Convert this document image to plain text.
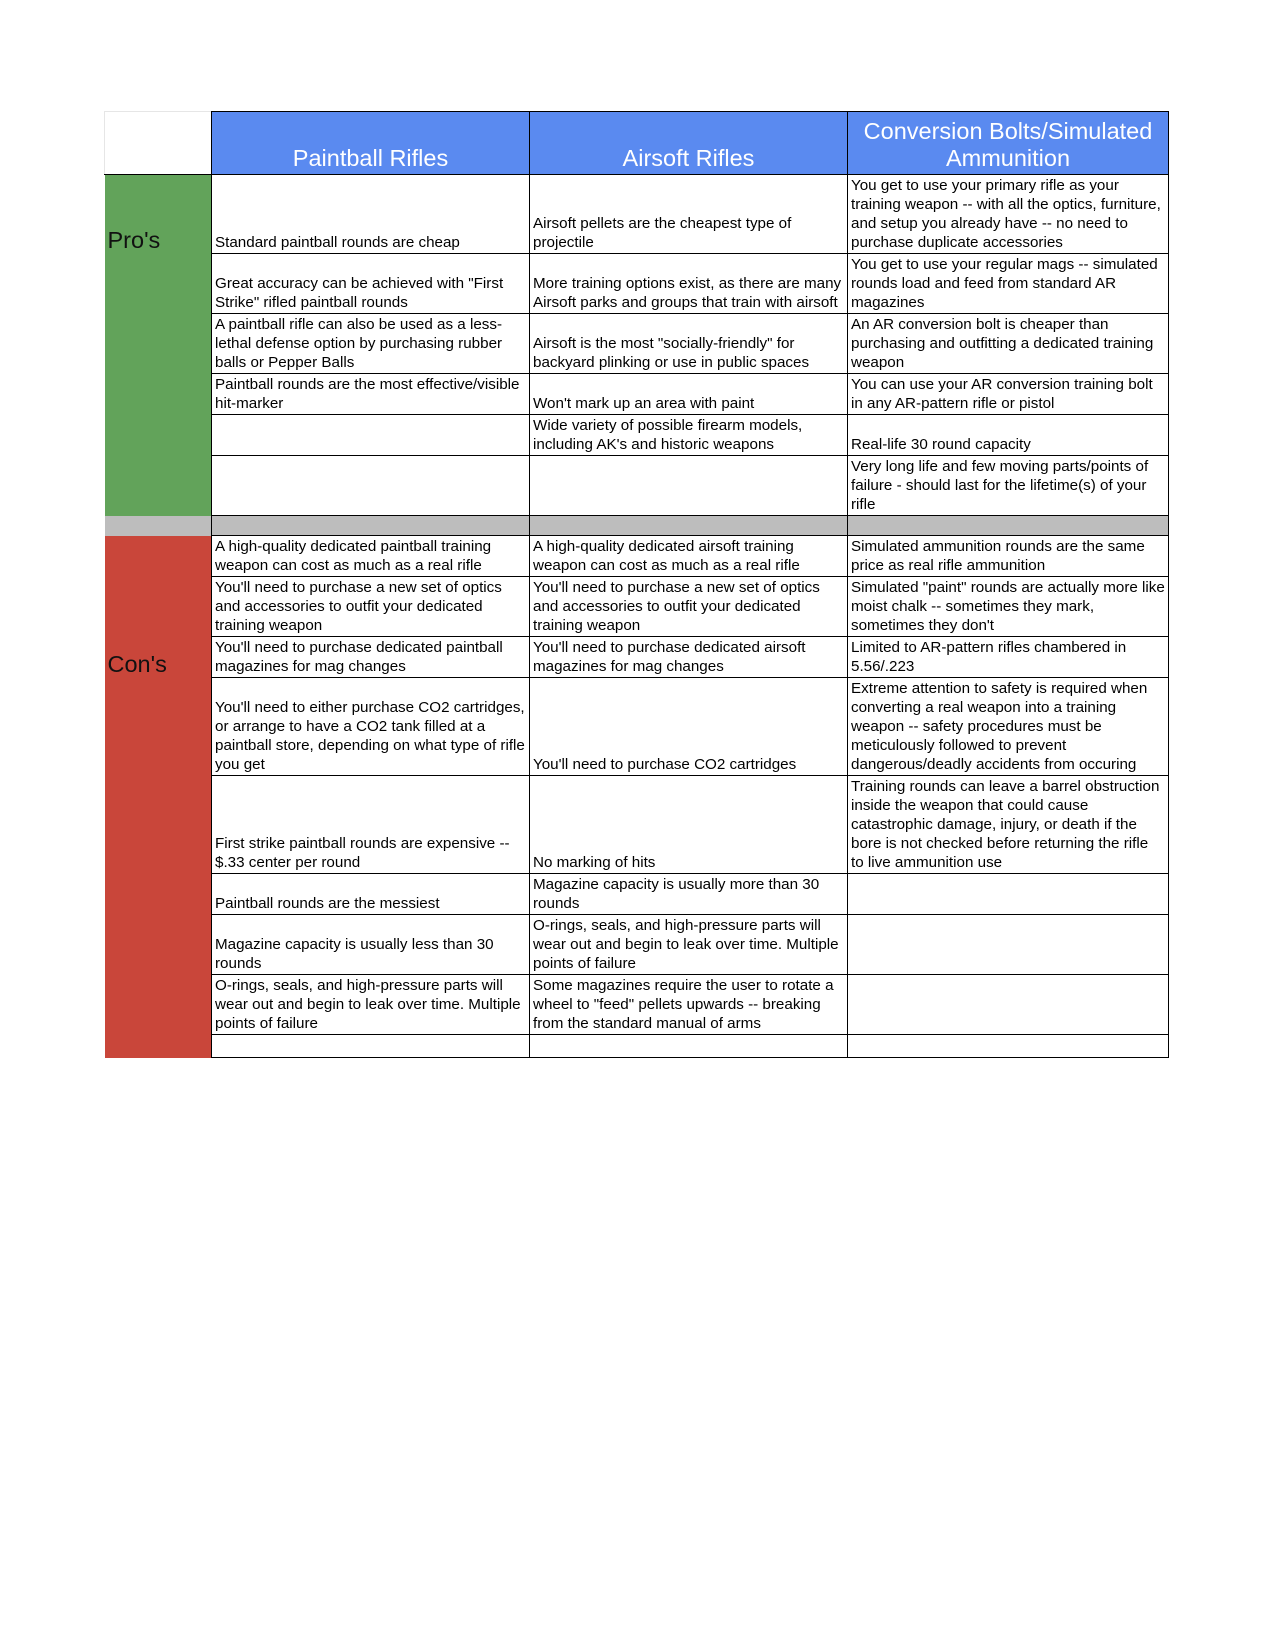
	Paintball Rifles	Airsoft Rifles	Conversion Bolts/Simulated Ammunition
Pro's	Standard paintball rounds are cheap	Airsoft pellets are the cheapest type of projectile	You get to use your primary rifle as your training weapon -- with all the optics, furniture, and setup you already have -- no need to purchase duplicate accessories
	Great accuracy can be achieved with "First Strike" rifled paintball rounds	More training options exist, as there are many Airsoft parks and groups that train with airsoft	You get to use your regular mags -- simulated rounds load and feed from standard AR magazines
	A paintball rifle can also be used as a less-lethal defense option by purchasing rubber balls or Pepper Balls	Airsoft is the most "socially-friendly" for backyard plinking or use in public spaces	An AR conversion bolt is cheaper than purchasing and outfitting a dedicated training weapon
	Paintball rounds are the most effective/visible hit-marker	Won't mark up an area with paint	You can use your AR conversion training bolt in any AR-pattern rifle or pistol
		Wide variety of possible firearm models, including AK's and historic weapons	Real-life 30 round capacity
			Very long life and few moving parts/points of failure - should last for the lifetime(s) of your rifle

	A high-quality dedicated paintball training weapon can cost as much as a real rifle	A high-quality dedicated airsoft training weapon can cost as much as a real rifle	Simulated ammunition rounds are the same price as real rifle ammunition
	You'll need to purchase a new set of optics and accessories to outfit your dedicated training weapon	You'll need to purchase a new set of optics and accessories to outfit your dedicated training weapon	Simulated "paint" rounds are actually more like moist chalk -- sometimes they mark, sometimes they don't
Con's	You'll need to purchase dedicated paintball magazines for mag changes	You'll need to purchase dedicated airsoft magazines for mag changes	Limited to AR-pattern rifles chambered in 5.56/.223
	You'll need to either purchase CO2 cartridges, or arrange to have a CO2 tank filled at a paintball store, depending on what type of rifle you get	You'll need to purchase CO2 cartridges	Extreme attention to safety is required when converting a real weapon into a training weapon -- safety procedures must be meticulously followed to prevent dangerous/deadly accidents from occuring
	First strike paintball rounds are expensive -- $.33 center per round	No marking of hits	Training rounds can leave a barrel obstruction inside the weapon that could cause catastrophic damage, injury, or death if the bore is not checked before returning the rifle to live ammunition use
	Paintball rounds are the messiest	Magazine capacity is usually more than 30 rounds	
	Magazine capacity is usually less than 30 rounds	O-rings, seals, and high-pressure parts will wear out and begin to leak over time. Multiple points of failure	
	O-rings, seals, and high-pressure parts will wear out and begin to leak over time. Multiple points of failure	Some magazines require the user to rotate a wheel to "feed" pellets upwards -- breaking from the standard manual of arms	
